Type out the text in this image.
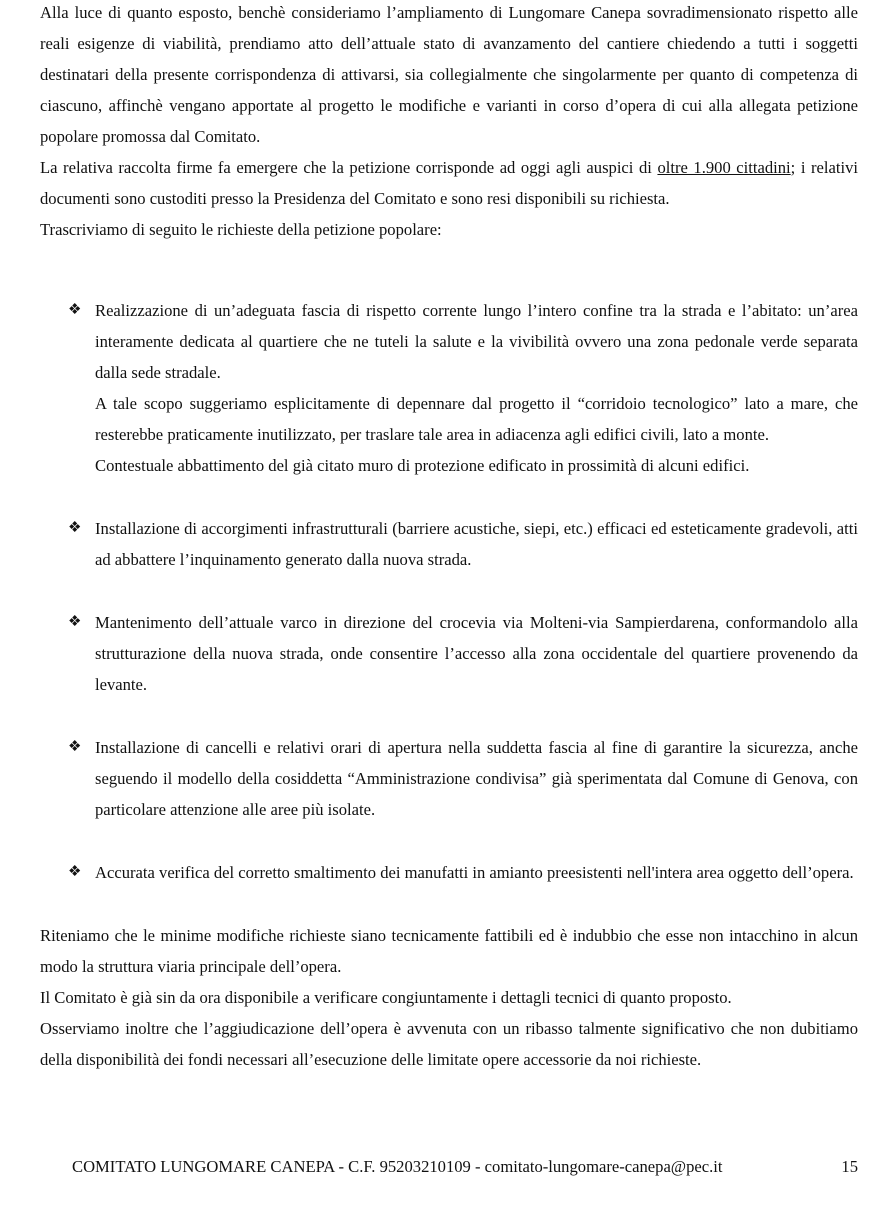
Alla luce di quanto esposto, benchè consideriamo l’ampliamento di Lungomare Canepa sovradimensionato rispetto alle reali esigenze di viabilità, prendiamo atto dell’attuale stato di avanzamento del cantiere chiedendo a tutti i soggetti destinatari della presente corrispondenza di attivarsi, sia collegialmente che singolarmente per quanto di competenza di ciascuno, affinchè vengano apportate al progetto le modifiche e varianti in corso d’opera di cui alla allegata petizione popolare promossa dal Comitato.

La relativa raccolta firme fa emergere che la petizione corrisponde ad oggi agli auspici di oltre 1.900 cittadini; i relativi documenti sono custoditi presso la Presidenza del Comitato e sono resi disponibili su richiesta.

Trascriviamo di seguito le richieste della petizione popolare:

❖ Realizzazione di un’adeguata fascia di rispetto corrente lungo l’intero confine tra la strada e l’abitato: un’area interamente dedicata al quartiere che ne tuteli la salute e la vivibilità ovvero una zona pedonale verde separata dalla sede stradale.

A tale scopo suggeriamo esplicitamente di depennare dal progetto il “corridoio tecnologico” lato a mare, che resterebbe praticamente inutilizzato, per traslare tale area in adiacenza agli edifici civili, lato a monte.

Contestuale abbattimento del già citato muro di protezione edificato in prossimità di alcuni edifici.

❖ Installazione di accorgimenti infrastrutturali (barriere acustiche, siepi, etc.) efficaci ed esteticamente gradevoli, atti ad abbattere l’inquinamento generato dalla nuova strada.

❖ Mantenimento dell’attuale varco in direzione del crocevia via Molteni-via Sampierdarena, conformandolo alla strutturazione della nuova strada, onde consentire l’accesso alla zona occidentale del quartiere provenendo da levante.

❖ Installazione di cancelli e relativi orari di apertura nella suddetta fascia al fine di garantire la sicurezza, anche seguendo il modello della cosiddetta “Amministrazione condivisa” già sperimentata dal Comune di Genova, con particolare attenzione alle aree più isolate.

❖ Accurata verifica del corretto smaltimento dei manufatti in amianto preesistenti nell'intera area oggetto dell’opera.

Riteniamo che le minime modifiche richieste siano tecnicamente fattibili ed è indubbio che esse non intacchino in alcun modo la struttura viaria principale dell’opera.

Il Comitato è già sin da ora disponibile a verificare congiuntamente i dettagli tecnici di quanto proposto.

Osserviamo inoltre che l’aggiudicazione dell’opera è avvenuta con un ribasso talmente significativo che non dubitiamo della disponibilità dei fondi necessari all’esecuzione delle limitate opere accessorie da noi richieste.

COMITATO LUNGOMARE CANEPA - C.F. 95203210109 - comitato-lungomare-canepa@pec.it	15
